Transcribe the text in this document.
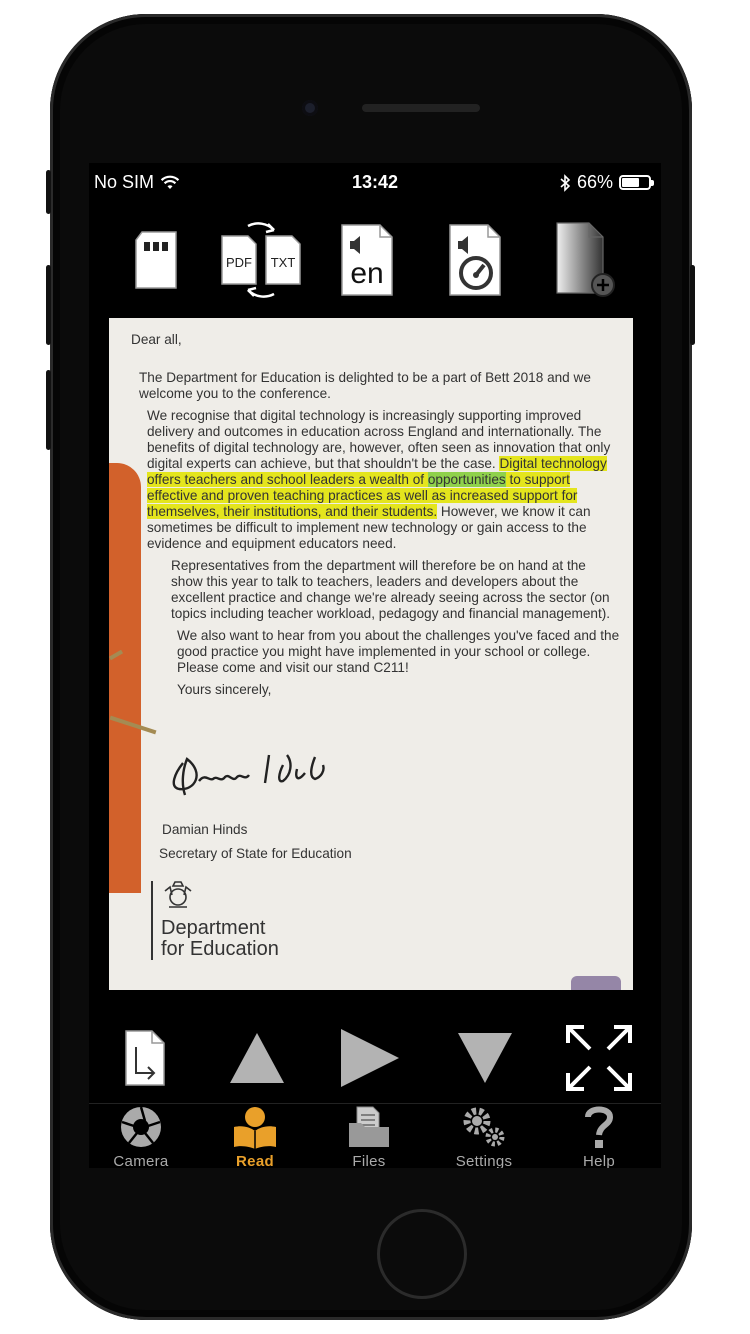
No SIM	13:42	66%
PDF TXT en

Dear all,

The Department for Education is delighted to be a part of Bett 2018 and we welcome you to the conference.

We recognise that digital technology is increasingly supporting improved delivery and outcomes in education across England and internationally. The benefits of digital technology are, however, often seen as innovation that only digital experts can achieve, but that shouldn't be the case. Digital technology offers teachers and school leaders a wealth of opportunities to support effective and proven teaching practices as well as increased support for themselves, their institutions, and their students. However, we know it can sometimes be difficult to implement new technology or gain access to the evidence and equipment educators need.

Representatives from the department will therefore be on hand at the show this year to talk to teachers, leaders and developers about the excellent practice and change we're already seeing across the sector (on topics including teacher workload, pedagogy and financial management).

We also want to hear from you about the challenges you've faced and the good practice you might have implemented in your school or college. Please come and visit our stand C211!

Yours sincerely,

Damian Hinds
Secretary of State for Education
Department
for Education
Camera	Read	Files	Settings	Help
